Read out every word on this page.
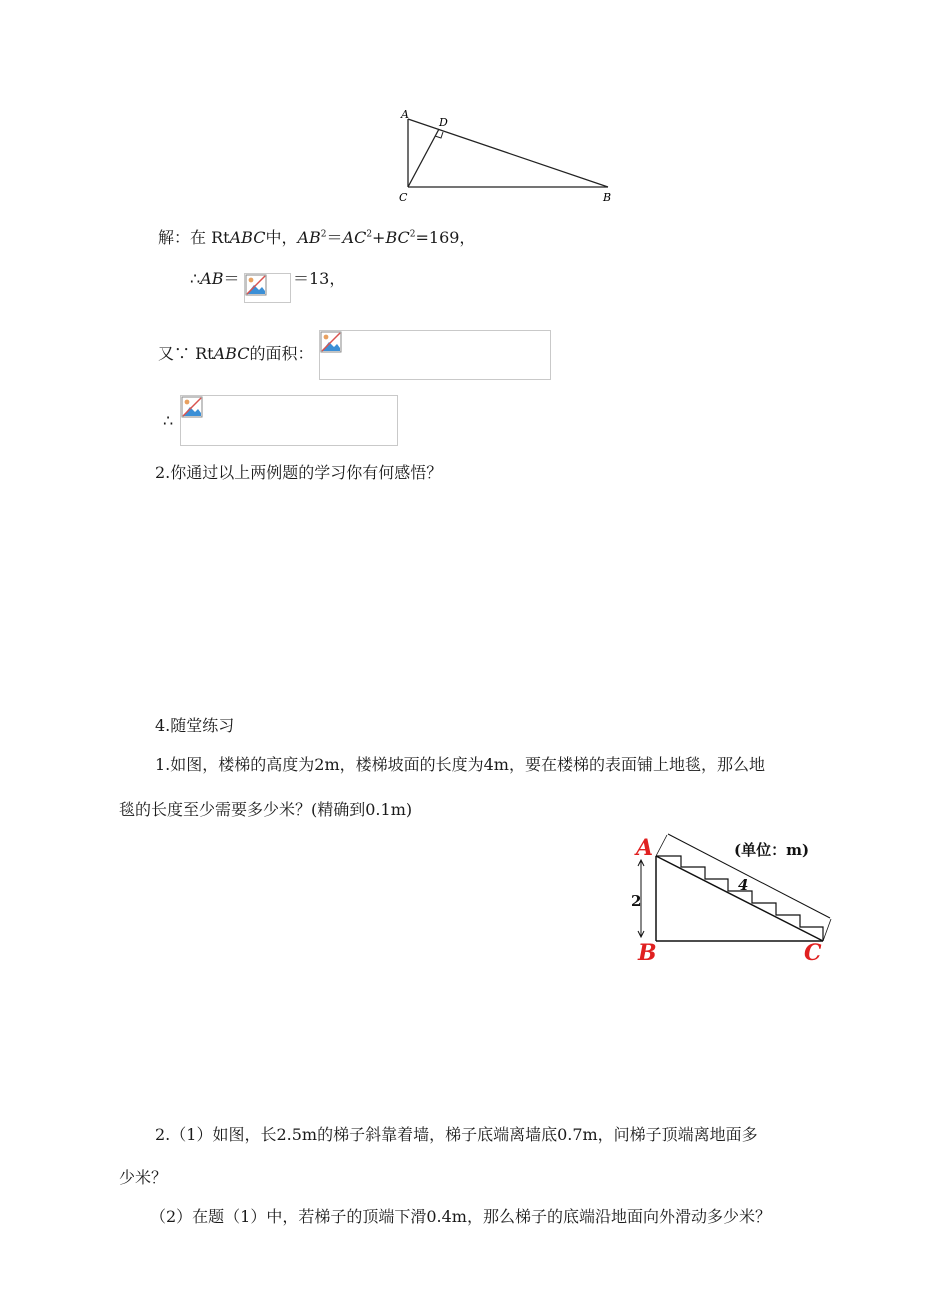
A
D
C	B
解：在 RtABC中，$AB^2=AC^2+BC^2=169$，
∴AB＝	＝13，
又∵ RtABC的面积：
∴
2.你通过以上两例题的学习你有何感悟？
4.随堂练习
1.如图，楼梯的高度为2m，楼梯坡面的长度为4m，要在楼梯的表面铺上地毯，那么地
毯的长度至少需要多少米？(精确到0.1m)
A
B	C
(单位：m)
2
4
2.（1）如图，长2.5m的梯子斜靠着墙，梯子底端离墙底0.7m，问梯子顶端离地面多
少米？
（2）在题（1）中，若梯子的顶端下滑0.4m，那么梯子的底端沿地面向外滑动多少米？
